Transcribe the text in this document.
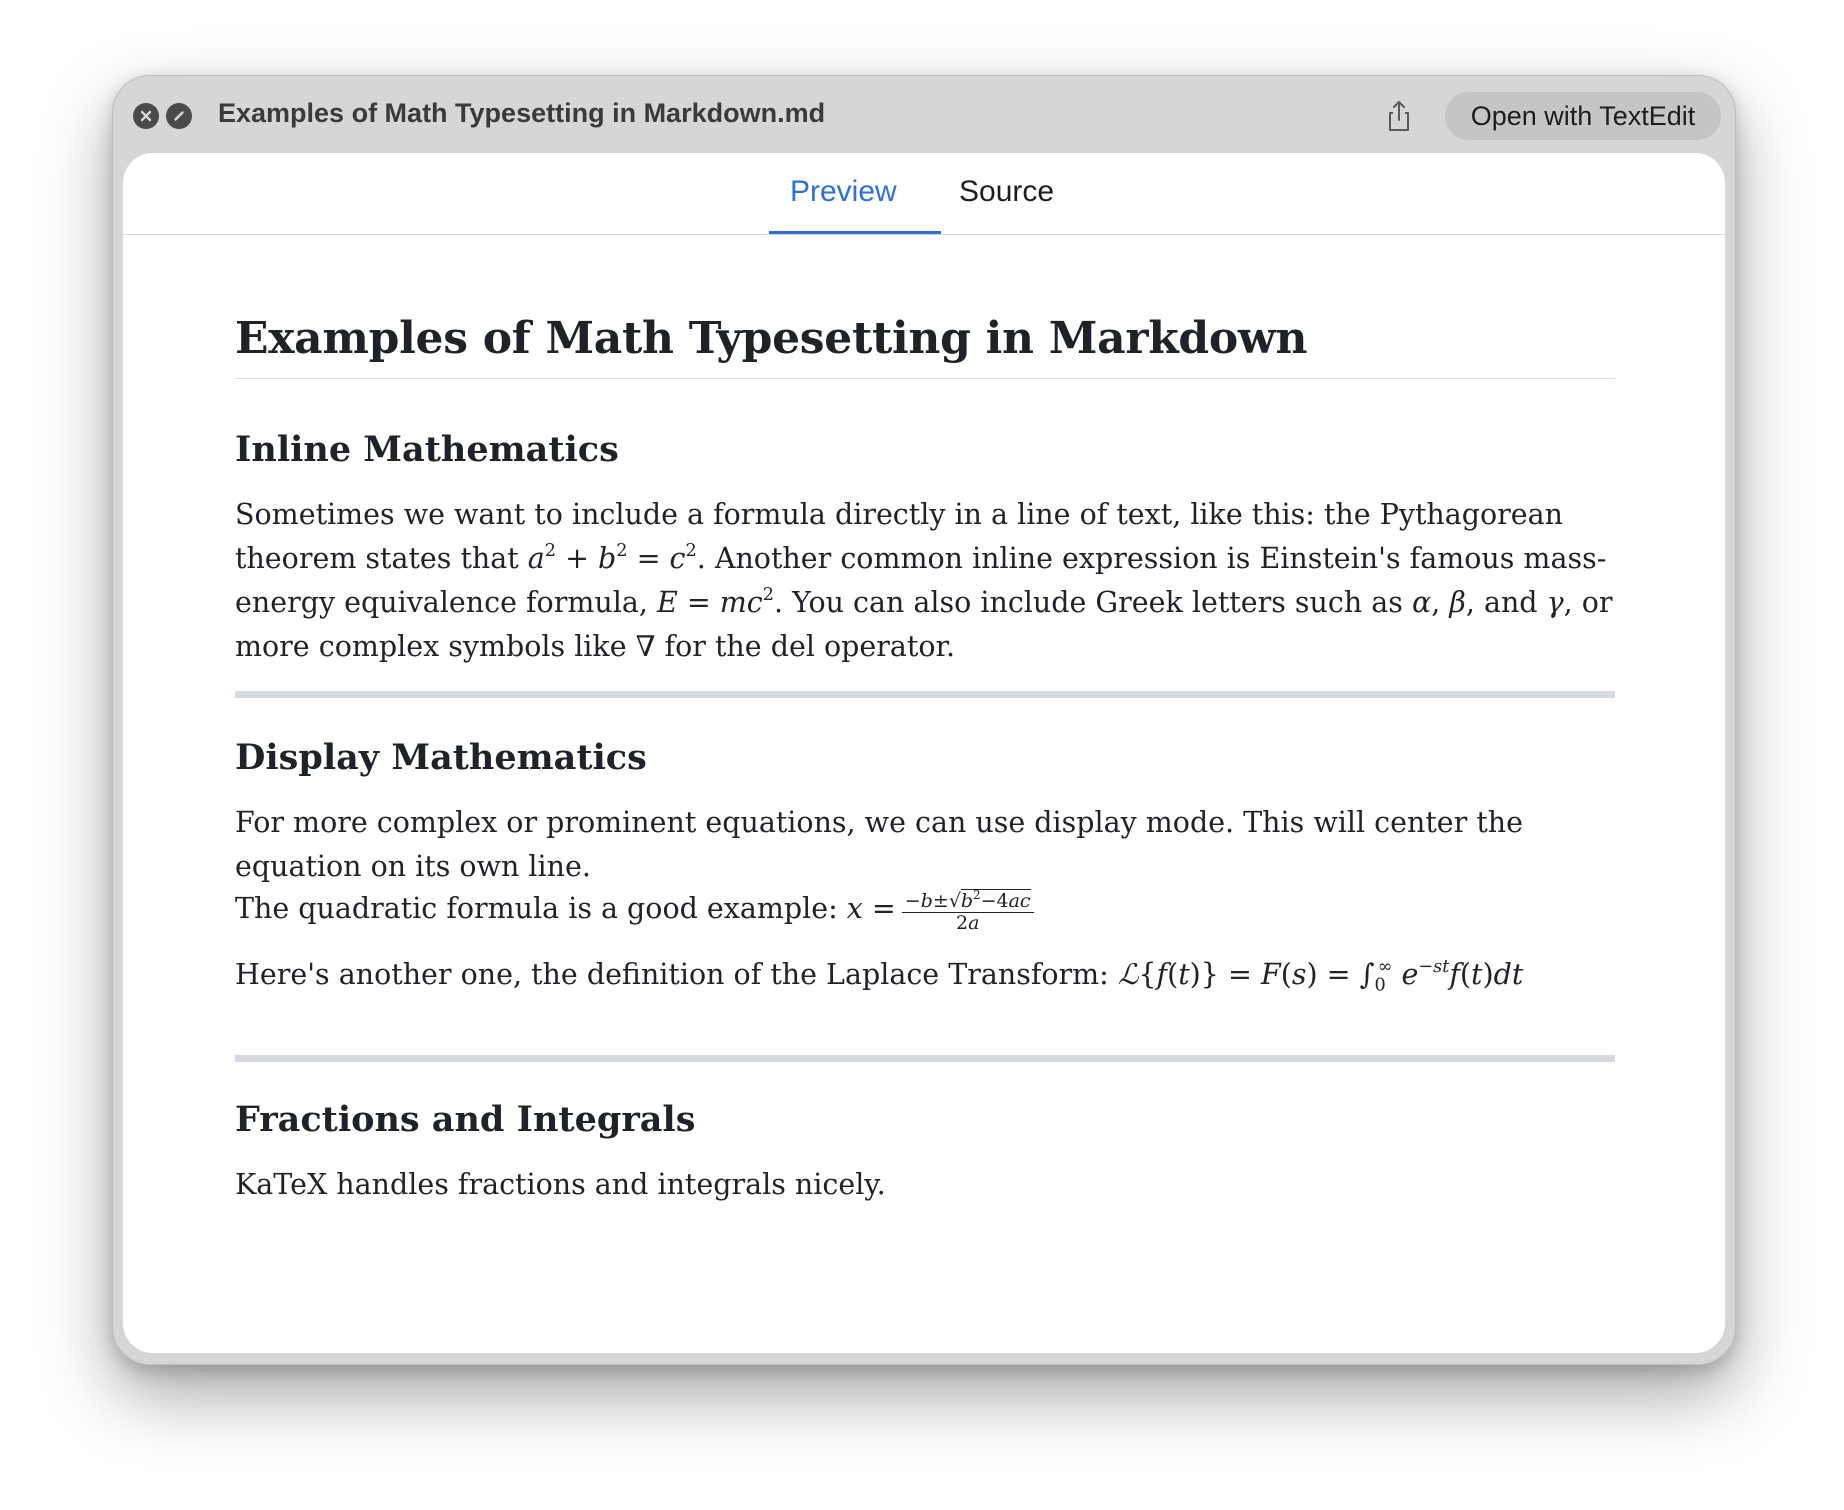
Examples of Math Typesetting in Markdown.md	Open with TextEdit
Preview Source
Examples of Math Typesetting in Markdown
Inline Mathematics
Sometimes we want to include a formula directly in a line of text, like this: the Pythagorean theorem states that $a^2 + b^2 = c^2$. Another common inline expression is Einstein's famous mass-energy equivalence formula, $E = mc^2$. You can also include Greek letters such as α, β, and γ, or more complex symbols like ∇ for the del operator.
Display Mathematics
For more complex or prominent equations, we can use display mode. This will center the equation on its own line.
The quadratic formula is a good example: $x = \frac{-b\pm√b^2-4ac}{2a}$
Here's another one, the definition of the Laplace Transform: ℒ{f(t)} = $F(s) = \int_0^\infty$ $e^{-st}f(t)dt$
Fractions and Integrals
KaTeX handles fractions and integrals nicely.
